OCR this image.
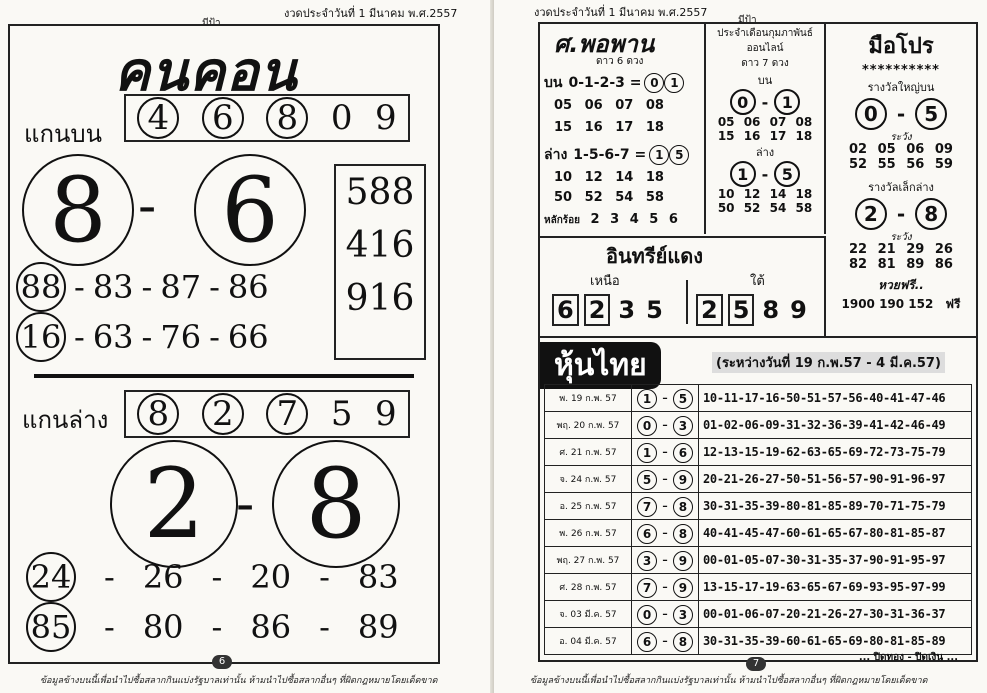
งวดประจำวันที่ 1 มีนาคม พ.ศ.2557
มีป้า
คนคอน
แกนบน 4 6 8 0 9
8 - 6	588
416
916
88 - 83 - 87 - 86
16 - 63 - 76 - 66
แกนล่าง 8 2 7 5 9
2 - 8
24 - 26 - 20 - 83
85 - 80 - 86 - 89
6
ข้อมูลข้างบนนี้เพื่อนำไปซื้อสลากกินแบ่งรัฐบาลเท่านั้น ห้ามนำไปซื้อสลากอื่นๆ ที่ผิดกฎหมายโดยเด็ดขาด
งวดประจำวันที่ 1 มีนาคม พ.ศ.2557
มีป้า
ศ.พอพาน
ดาว 6 ดวง
บน 0-1-2-3 = 0 1
05 06 07 08
15 16 17 18
ล่าง 1-5-6-7 = 1 5
10 12 14 18
50 52 54 58
หลักร้อย 2 3 4 5 6
ประจำเดือนกุมภาพันธ์
ออนไลน์
ดาว 7 ดวง
บน
0 - 1
05 06 07 08
15 16 17 18
ล่าง
1 - 5
10 12 14 18
50 52 54 58
มือโปร
**********
รางวัลใหญ่บน
0 - 5
ระวัง
02 05 06 09
52 55 56 59
รางวัลเล็กล่าง
2 - 8
ระวัง
22 21 29 26
82 81 89 86
หวยฟรี..
1900 190 152 ฟรี
อินทรีย์แดง
เหนือ	ใต้
6 2 3 5 2 5 8 9
หุ้นไทย	(ระหว่างวันที่ 19 ก.พ.57 - 4 มี.ค.57)
พ. 19 ก.พ. 57	1 - 5	10-11-17-16-50-51-57-56-40-41-47-46
พฤ. 20 ก.พ. 57	0 - 3	01-02-06-09-31-32-36-39-41-42-46-49
ศ. 21 ก.พ. 57	1 - 6	12-13-15-19-62-63-65-69-72-73-75-79
จ. 24 ก.พ. 57	5 - 9	20-21-26-27-50-51-56-57-90-91-96-97
อ. 25 ก.พ. 57	7 - 8	30-31-35-39-80-81-85-89-70-71-75-79
พ. 26 ก.พ. 57	6 - 8	40-41-45-47-60-61-65-67-80-81-85-87
พฤ. 27 ก.พ. 57	3 - 9	00-01-05-07-30-31-35-37-90-91-95-97
ศ. 28 ก.พ. 57	7 - 9	13-15-17-19-63-65-67-69-93-95-97-99
จ. 03 มี.ค. 57	0 - 3	00-01-06-07-20-21-26-27-30-31-36-37
อ. 04 มี.ค. 57	6 - 8	30-31-35-39-60-61-65-69-80-81-85-89
... ปิดทอง - ปิดเงิน ...
7
ข้อมูลข้างบนนี้เพื่อนำไปซื้อสลากกินแบ่งรัฐบาลเท่านั้น ห้ามนำไปซื้อสลากอื่นๆ ที่ผิดกฎหมายโดยเด็ดขาด
